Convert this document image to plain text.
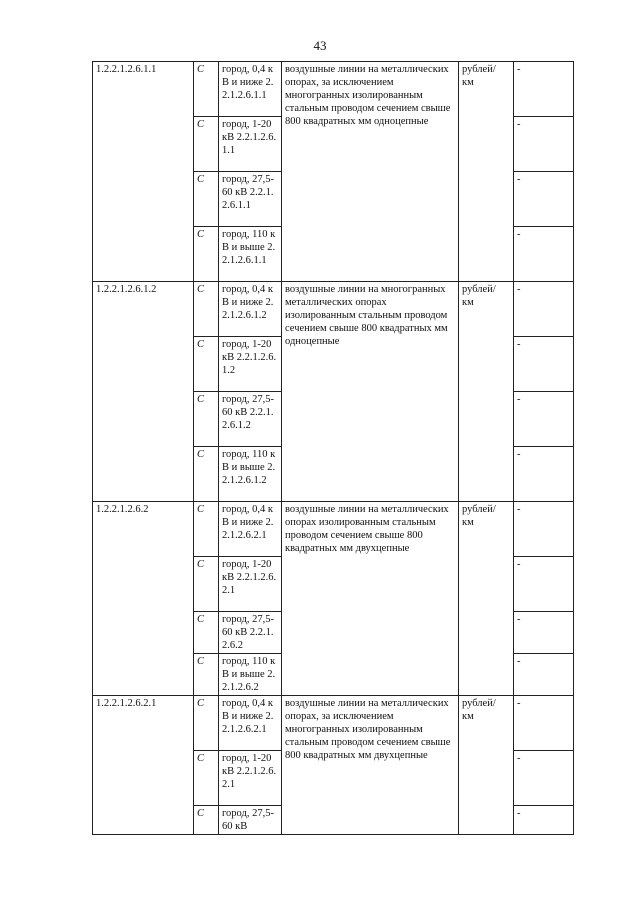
43
1.2.2.1.2.6.1.1	С	город, 0,4 кВ и ниже 2.2.1.2.6.1.1	воздушные линии на металлических опорах, за исключением многогранных изолированным стальным проводом сечением свыше 800 квадратных мм одноцепные	рублей/ км	-
	С	город, 1-20 кВ 2.2.1.2.6.1.1			-
	С	город, 27,5-60 кВ 2.2.1.2.6.1.1			-
	С	город, 110 кВ и выше 2.2.1.2.6.1.1			-
1.2.2.1.2.6.1.2	С	город, 0,4 кВ и ниже 2.2.1.2.6.1.2	воздушные линии на многогранных металлических опорах изолированным стальным проводом сечением свыше 800 квадратных мм одноцепные	рублей/ км	-
	С	город, 1-20 кВ 2.2.1.2.6.1.2			-
	С	город, 27,5-60 кВ 2.2.1.2.6.1.2			-
	С	город, 110 кВ и выше 2.2.1.2.6.1.2			-
1.2.2.1.2.6.2	С	город, 0,4 кВ и ниже 2.2.1.2.6.2.1	воздушные линии на металлических опорах изолированным стальным проводом сечением свыше 800 квадратных мм двухцепные	рублей/ км	-
	С	город, 1-20 кВ 2.2.1.2.6.2.1			-
	С	город, 27,5-60 кВ 2.2.1.2.6.2			-
	С	город, 110 кВ и выше 2.2.1.2.6.2			-
1.2.2.1.2.6.2.1	С	город, 0,4 кВ и ниже 2.2.1.2.6.2.1	воздушные линии на металлических опорах, за исключением многогранных изолированным стальным проводом сечением свыше 800 квадратных мм двухцепные	рублей/ км	-
	С	город, 1-20 кВ 2.2.1.2.6.2.1			-
	С	город, 27,5-60 кВ			-
